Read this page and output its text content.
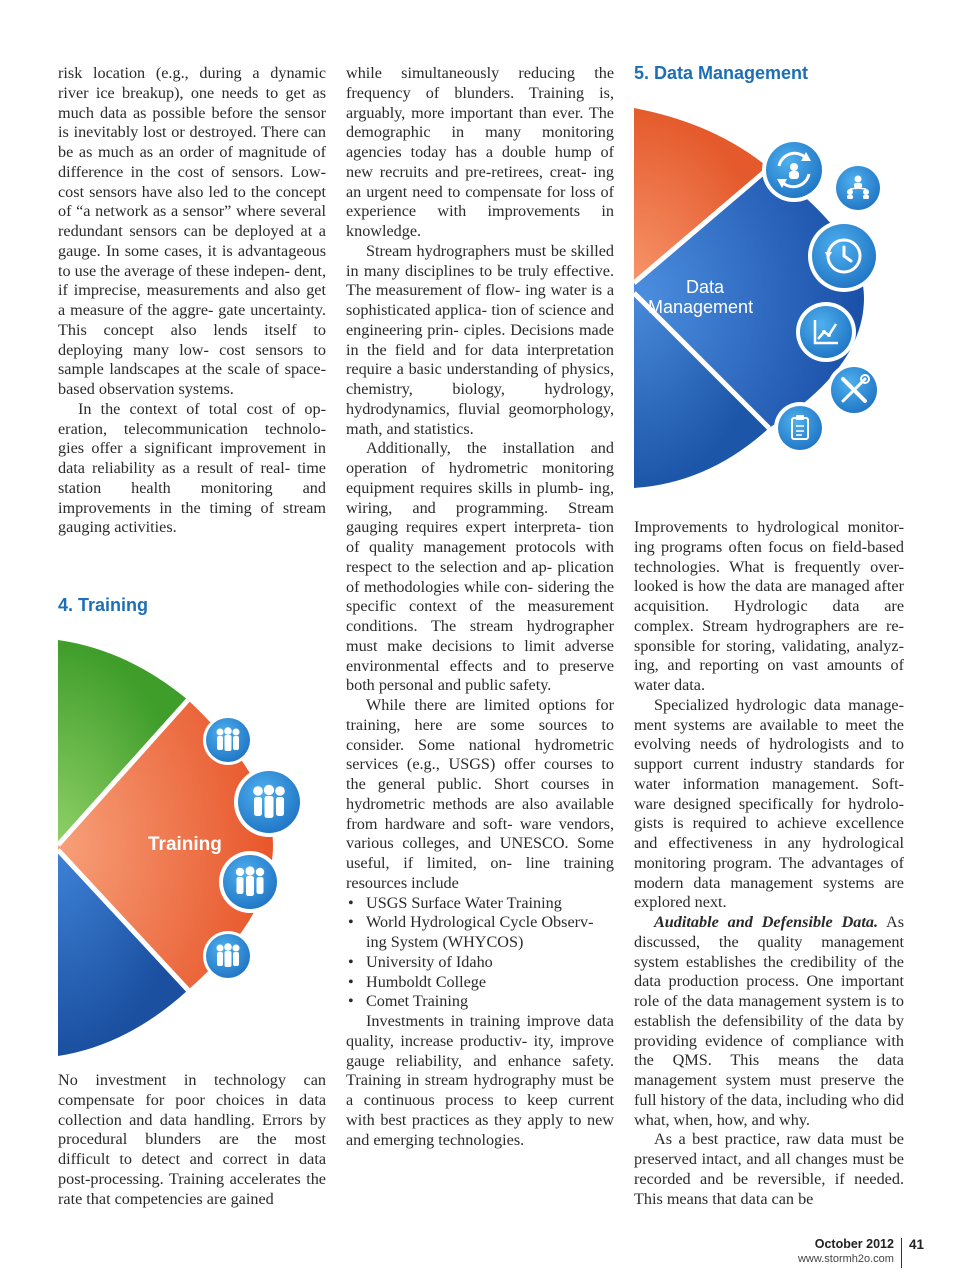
risk location (e.g., during a dynamic river ice breakup), one needs to get as much data as possible before the sensor is inevitably lost or destroyed. There can be as much as an order of magnitude of difference in the cost of sensors. Low-cost sensors have also led to the concept of “a network as a sensor” where several redundant sensors can be deployed at a gauge. In some cases, it is advantageous to use the average of these indepen- dent, if imprecise, measurements and also get a measure of the aggre- gate uncertainty. This concept also lends itself to deploying many low- cost sensors to sample landscapes at the scale of space-based observation systems.

In the context of total cost of op- eration, telecommunication technolo- gies offer a significant improvement in data reliability as a result of real- time station health monitoring and improvements in the timing of stream gauging activities.

4. Training
Training

No investment in technology can compensate for poor choices in data collection and data handling. Errors by procedural blunders are the most difficult to detect and correct in data post-processing. Training accelerates the rate that competencies are gained

while simultaneously reducing the frequency of blunders. Training is, arguably, more important than ever. The demographic in many monitoring agencies today has a double hump of new recruits and pre-retirees, creat- ing an urgent need to compensate for loss of experience with improvements in knowledge.

Stream hydrographers must be skilled in many disciplines to be truly effective. The measurement of flow- ing water is a sophisticated applica- tion of science and engineering prin- ciples. Decisions made in the field and for data interpretation require a basic understanding of physics, chemistry, biology, hydrology, hydrodynamics, fluvial geomorphology, math, and statistics.

Additionally, the installation and operation of hydrometric monitoring equipment requires skills in plumb- ing, wiring, and programming. Stream gauging requires expert interpreta- tion of quality management protocols with respect to the selection and ap- plication of methodologies while con- sidering the specific context of the measurement conditions. The stream hydrographer must make decisions to limit adverse environmental effects and to preserve both personal and public safety.

While there are limited options for training, here are some sources to consider. Some national hydrometric services (e.g., USGS) offer courses to the general public. Short courses in hydrometric methods are also available from hardware and soft- ware vendors, various colleges, and UNESCO. Some useful, if limited, on- line training resources include

• USGS Surface Water Training
• World Hydrological Cycle Observ- ing System (WHYCOS)
• University of Idaho
• Humboldt College
• Comet Training

Investments in training improve data quality, increase productiv- ity, improve gauge reliability, and enhance safety. Training in stream hydrography must be a continuous process to keep current with best practices as they apply to new and emerging technologies.

5. Data Management
Data
Management

Improvements to hydrological monitor- ing programs often focus on field-based technologies. What is frequently over- looked is how the data are managed after acquisition. Hydrologic data are complex. Stream hydrographers are re- sponsible for storing, validating, analyz- ing, and reporting on vast amounts of water data.

Specialized hydrologic data manage- ment systems are available to meet the evolving needs of hydrologists and to support current industry standards for water information management. Soft- ware designed specifically for hydrolo- gists is required to achieve excellence and effectiveness in any hydrological monitoring program. The advantages of modern data management systems are explored next.

Auditable and Defensible Data. As discussed, the quality management system establishes the credibility of the data production process. One important role of the data management system is to establish the defensibility of the data by providing evidence of compliance with the QMS. This means the data management system must preserve the full history of the data, including who did what, when, how, and why.

As a best practice, raw data must be preserved intact, and all changes must be recorded and be reversible, if needed. This means that data can be

October 2012
www.stormh2o.com
41
